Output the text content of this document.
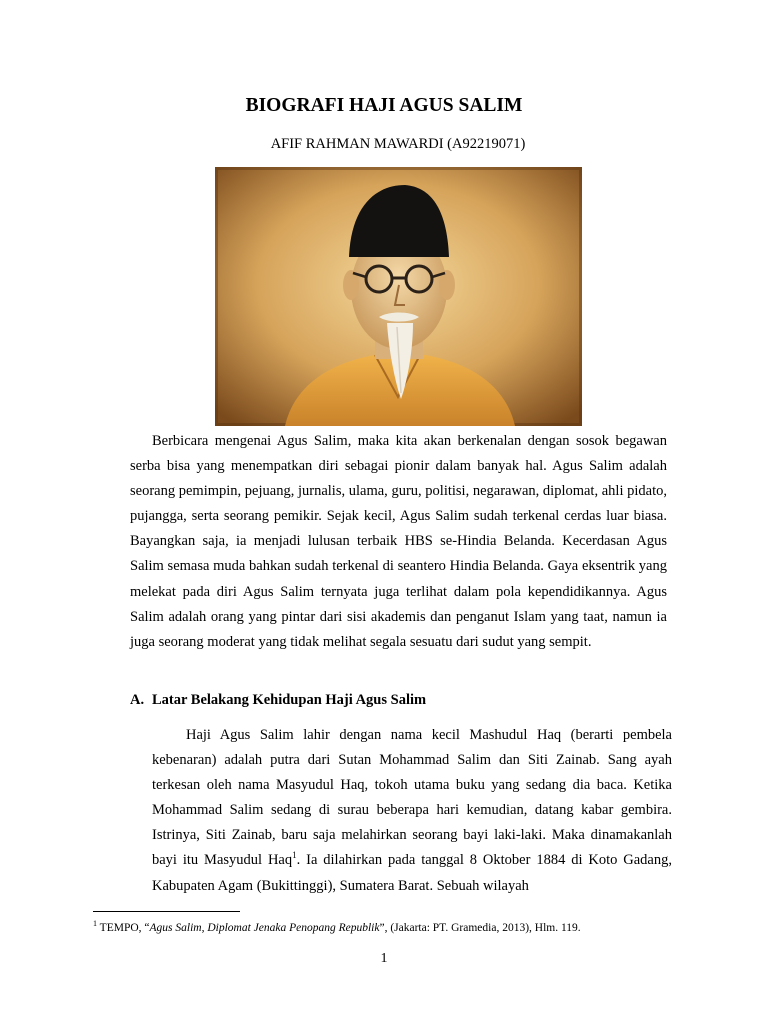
BIOGRAFI HAJI AGUS SALIM
AFIF RAHMAN MAWARDI (A92219071)

Berbicara mengenai Agus Salim, maka kita akan berkenalan dengan sosok begawan serba bisa yang menempatkan diri sebagai pionir dalam banyak hal. Agus Salim adalah seorang pemimpin, pejuang, jurnalis, ulama, guru, politisi, negarawan, diplomat, ahli pidato, pujangga, serta seorang pemikir. Sejak kecil, Agus Salim sudah terkenal cerdas luar biasa. Bayangkan saja, ia menjadi lulusan terbaik HBS se-Hindia Belanda. Kecerdasan Agus Salim semasa muda bahkan sudah terkenal di seantero Hindia Belanda. Gaya eksentrik yang melekat pada diri Agus Salim ternyata juga terlihat dalam pola kependidikannya. Agus Salim adalah orang yang pintar dari sisi akademis dan penganut Islam yang taat, namun ia juga seorang moderat yang tidak melihat segala sesuatu dari sudut yang sempit.

A. Latar Belakang Kehidupan Haji Agus Salim

Haji Agus Salim lahir dengan nama kecil Mashudul Haq (berarti pembela kebenaran) adalah putra dari Sutan Mohammad Salim dan Siti Zainab. Sang ayah terkesan oleh nama Masyudul Haq, tokoh utama buku yang sedang dia baca. Ketika Mohammad Salim sedang di surau beberapa hari kemudian, datang kabar gembira. Istrinya, Siti Zainab, baru saja melahirkan seorang bayi laki-laki. Maka dinamakanlah bayi itu Masyudul Haq$^1$. Ia dilahirkan pada tanggal 8 Oktober 1884 di Koto Gadang, Kabupaten Agam (Bukittinggi), Sumatera Barat. Sebuah wilayah

$^1$ TEMPO, “Agus Salim, Diplomat Jenaka Penopang Republik”, (Jakarta: PT. Gramedia, 2013), Hlm. 119.
1
